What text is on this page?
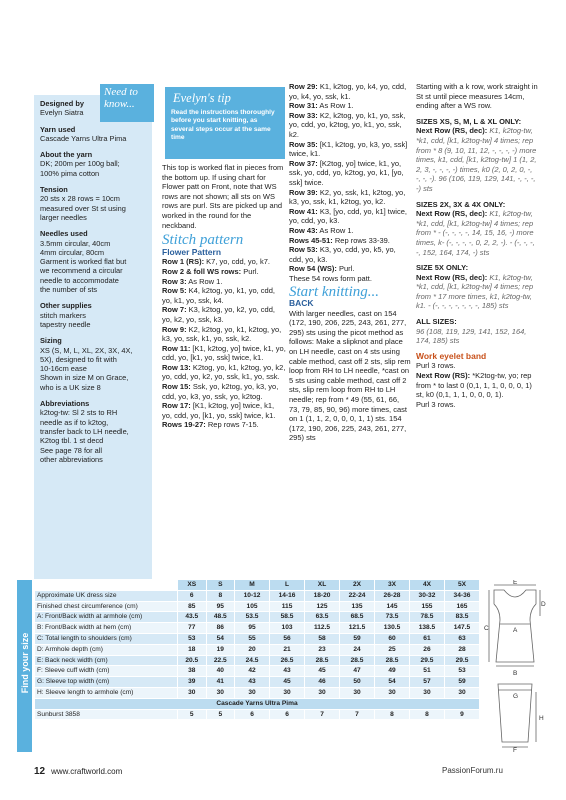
Need to know...
Designed by
Evelyn Siatra
Yarn used
Cascade Yarns Ultra Pima
About the yarn
DK; 200m per 100g ball;
100% pima cotton
Tension
20 sts x 28 rows = 10cm
measured over St st using
larger needles
Needles used
3.5mm circular, 40cm
4mm circular, 80cm
Garment is worked flat but
we recommend a circular
needle to accommodate
the number of sts
Other supplies
stitch markers
tapestry needle
Sizing
XS (S, M, L, XL, 2X, 3X, 4X,
5X), designed to fit with
10-16cm ease
Shown in size M on Grace,
who is a UK size 8
Abbreviations
k2tog-tw: Sl 2 sts to RH
needle as if to k2tog,
transfer back to LH needle,
K2tog tbl. 1 st decd
See page 78 for all
other abbreviations
Evelyn's tip
Read the instructions thoroughly before you start knitting, as several steps occur at the same time

This top is worked flat in pieces from the bottom up. If using chart for Flower patt on Front, note that WS rows are not shown; all sts on WS rows are purl. Sts are picked up and worked in the round for the neckband.

Stitch pattern
Flower Pattern

Row 1 (RS): K7, yo, cdd, yo, k7.

Row 2 & foll WS rows: Purl.

Row 3: As Row 1.

Row 5: K4, k2tog, yo, k1, yo, cdd, yo, k1, yo, ssk, k4.

Row 7: K3, k2tog, yo, k2, yo, cdd, yo, k2, yo, ssk, k3.

Row 9: K2, k2tog, yo, k1, k2tog, yo, k3, yo, ssk, k1, yo, ssk, k2.

Row 11: [K1, k2tog, yo] twice, k1, yo, cdd, yo, [k1, yo, ssk] twice, k1.

Row 13: K2tog, yo, k1, k2tog, yo, k2, yo, cdd, yo, k2, yo, ssk, k1, yo, ssk.

Row 15: Ssk, yo, k2tog, yo, k3, yo, cdd, yo, k3, yo, ssk, yo, k2tog.

Row 17: [K1, k2tog, yo] twice, k1, yo, cdd, yo, [k1, yo, ssk] twice, k1.

Rows 19-27: Rep rows 7-15.

Row 29: K1, k2tog, yo, k4, yo, cdd, yo, k4, yo, ssk, k1.

Row 31: As Row 1.

Row 33: K2, k2tog, yo, k1, yo, ssk, yo, cdd, yo, k2tog, yo, k1, yo, ssk, k2.

Row 35: [K1, k2tog, yo, k3, yo, ssk] twice, k1.

Row 37: [K2tog, yo] twice, k1, yo, ssk, yo, cdd, yo, k2tog, yo, k1, [yo, ssk] twice.

Row 39: K2, yo, ssk, k1, k2tog, yo, k3, yo, ssk, k1, k2tog, yo, k2.

Row 41: K3, [yo, cdd, yo, k1] twice, yo, cdd, yo, k3.

Row 43: As Row 1.

Rows 45-51: Rep rows 33-39.

Row 53: K3, yo, cdd, yo, k5, yo, cdd, yo, k3.

Row 54 (WS): Purl.

These 54 rows form patt.

Start knitting...
BACK

With larger needles, cast on 154 (172, 190, 206, 225, 243, 261, 277, 295) sts using the picot method as follows: Make a slipknot and place on LH needle, cast on 4 sts using cable method, cast off 2 sts, slip rem loop from RH to LH needle, *cast on 5 sts using cable method, cast off 2 sts, slip rem loop from RH to LH needle; rep from * 49 (55, 61, 66, 73, 79, 85, 90, 96) more times, cast on 1 (1, 1, 2, 0, 0, 0, 1, 1) sts. 154 (172, 190, 206, 225, 243, 261, 277, 295) sts

Starting with a k row, work straight in St st until piece measures 14cm, ending after a WS row.

SIZES XS, S, M, L & XL ONLY:

Next Row (RS, dec): K1, k2tog-tw, *k1, cdd, [k1, k2tog-tw] 4 times; rep from * 8 (9, 10, 11, 12, -, -, -, -) more times, k1, cdd, [k1, k2tog-tw] 1 (1, 2, 2, 3, -, -, -, -) times, k0 (2, 0, 2, 0, -, -, -, -). 96 (106, 119, 129, 141, -, -, -, -) sts

SIZES 2X, 3X & 4X ONLY:

Next Row (RS, dec): K1, k2tog-tw, *k1, cdd, [k1, k2tog-tw] 4 times; rep from * - (-, -, -, -, 14, 15, 16, -) more times, k- (-, -, -, -, 0, 2, 2, -). - (-, -, -, -, 152, 164, 174, -) sts

SIZE 5X ONLY:

Next Row (RS, dec): K1, k2tog-tw, *k1, cdd, [k1, k2tog-tw] 4 times; rep from * 17 more times, k1, k2tog-tw, k1. - (-, -, -, -, -, -, -, 185) sts

ALL SIZES:

96 (108, 119, 129, 141, 152, 164, 174, 185) sts

Work eyelet band

Purl 3 rows.

Next Row (RS): *K2tog-tw, yo; rep from * to last 0 (0,1, 1, 1, 0, 0, 0, 1) st, k0 (0,1, 1, 1, 0, 0, 0, 1).

Purl 3 rows.

Find your size
	XS	S	M	L	XL	2X	3X	4X	5X
Approximate UK dress size	6	8	10-12	14-16	18-20	22-24	26-28	30-32	34-36
Finished chest circumference (cm)	85	95	105	115	125	135	145	155	165
A: Front/Back width at armhole (cm)	43.5	48.5	53.5	58.5	63.5	68.5	73.5	78.5	83.5
B: Front/Back width at hem (cm)	77	86	95	103	112.5	121.5	130.5	138.5	147.5
C: Total length to shoulders (cm)	53	54	55	56	58	59	60	61	63
D: Armhole depth (cm)	18	19	20	21	23	24	25	26	28
E: Back neck width (cm)	20.5	22.5	24.5	26.5	28.5	28.5	28.5	29.5	29.5
F: Sleeve cuff width (cm)	38	40	42	43	45	47	49	51	53
G: Sleeve top width (cm)	39	41	43	45	46	50	54	57	59
H: Sleeve length to armhole (cm)	30	30	30	30	30	30	30	30	30
Cascade Yarns Ultra Pima									
Sunburst 3858	5	5	6	6	7	7	8	8	9
E
D
C	A
B
G
H
F
12 www.craftworld.com	PassionForum.ru
